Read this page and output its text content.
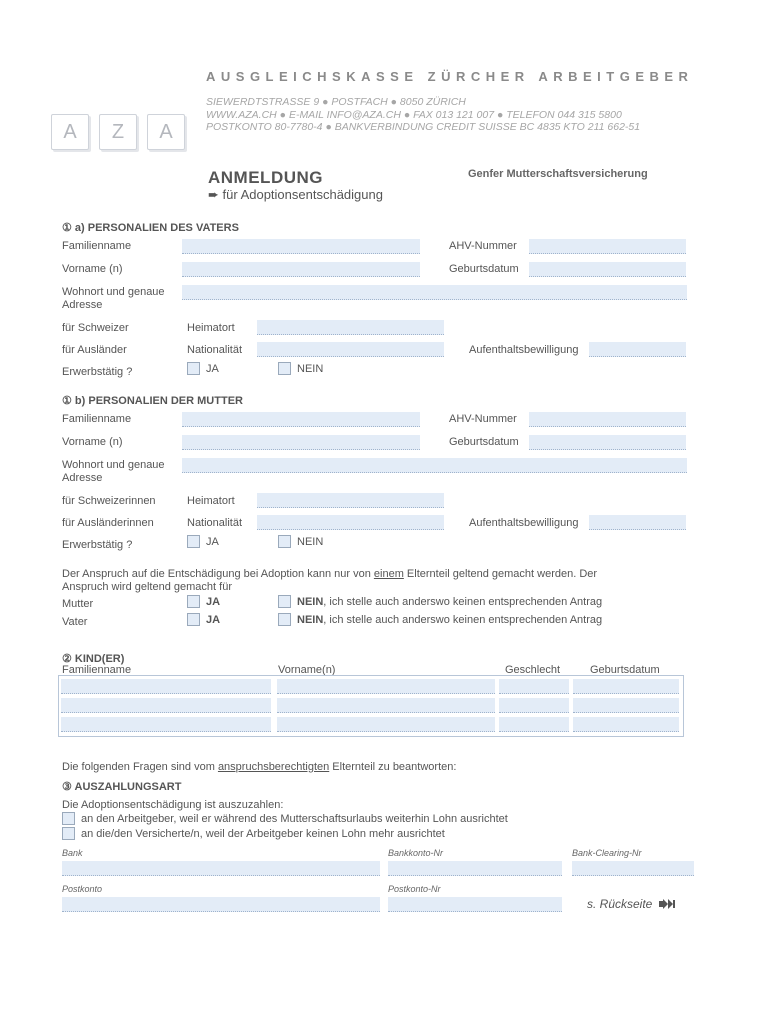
AUSGLEICHSKASSE ZÜRCHER ARBEITGEBER
SIEWERDTSTRASSE 9 ● POSTFACH ● 8050 ZÜRICH
WWW.AZA.CH ● E-MAIL INFO@AZA.CH ● FAX 013 121 007 ● TELEFON 044 315 5800
POSTKONTO 80-7780-4 ● BANKVERBINDUNG CREDIT SUISSE BC 4835 KTO 211 662-51
A	Z	A
ANMELDUNG
➨ für Adoptionsentschädigung
Genfer Mutterschaftsversicherung
① a) PERSONALIEN DES VATERS
Familienname	AHV-Nummer
Vorname (n)	Geburtsdatum
Wohnort und genaue
Adresse
für Schweizer	Heimatort
für Ausländer	Nationalität	Aufenthaltsbewilligung
Erwerbstätig ?	JA	NEIN
① b) PERSONALIEN DER MUTTER
Familienname	AHV-Nummer
Vorname (n)	Geburtsdatum
Wohnort und genaue
Adresse
für Schweizerinnen	Heimatort
für Ausländerinnen	Nationalität	Aufenthaltsbewilligung
Erwerbstätig ?	JA	NEIN
Der Anspruch auf die Entschädigung bei Adoption kann nur von einem Elternteil geltend gemacht werden. Der
Anspruch wird geltend gemacht für
Mutter	JA	NEIN, ich stelle auch anderswo keinen entsprechenden Antrag
Vater	JA	NEIN, ich stelle auch anderswo keinen entsprechenden Antrag
② KIND(ER)
Familienname	Vorname(n)	Geschlecht	Geburtsdatum
Die folgenden Fragen sind vom anspruchsberechtigten Elternteil zu beantworten:
③ AUSZAHLUNGSART
Die Adoptionsentschädigung ist auszuzahlen:
an den Arbeitgeber, weil er während des Mutterschaftsurlaubs weiterhin Lohn ausrichtet
an die/den Versicherte/n, weil der Arbeitgeber keinen Lohn mehr ausrichtet
Bank	Bankkonto-Nr	Bank-Clearing-Nr
Postkonto	Postkonto-Nr
s. Rückseite
